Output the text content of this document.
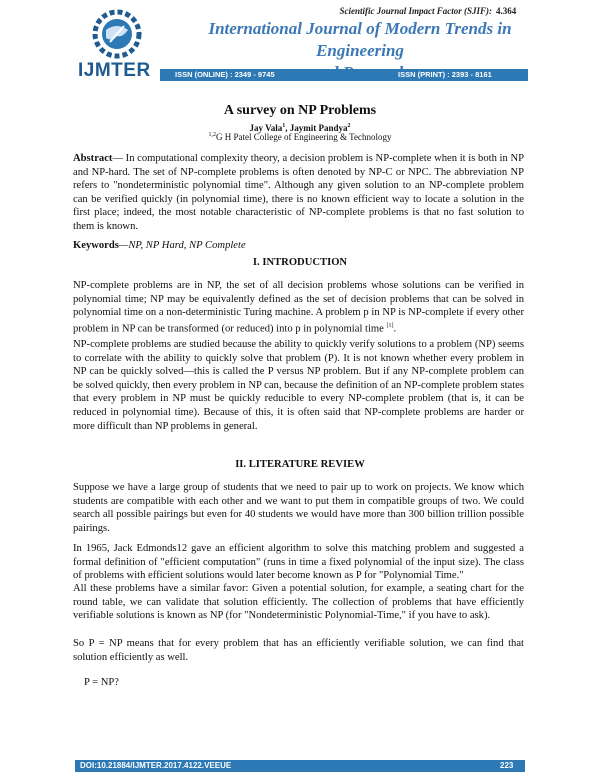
Scientific Journal Impact Factor (SJIF): 4.364
IJMTER
International Journal of Modern Trends in Engineering
ISSN (ONLINE) : 2349 - 9745	ISSN (PRINT) : 2393 - 8161
A survey on NP Problems
Jay Vala$^1$, Jaymit Pandya$^2$
$^{1,2}$G H Patel College of Engineering & Technology
Abstract— In computational complexity theory, a decision problem is NP-complete when it is both in NP and NP-hard. The set of NP-complete problems is often denoted by NP-C or NPC. The abbreviation NP refers to "nondeterministic polynomial time". Although any given solution to an NP-complete problem can be verified quickly (in polynomial time), there is no known efficient way to locate a solution in the first place; indeed, the most notable characteristic of NP-complete problems is that no fast solution to them is known.
Keywords—NP, NP Hard, NP Complete
I. INTRODUCTION
NP-complete problems are in NP, the set of all decision problems whose solutions can be verified in polynomial time; NP may be equivalently defined as the set of decision problems that can be solved in polynomial time on a non-deterministic Turing machine. A problem p in NP is NP-complete if every other problem in NP can be transformed (or reduced) into p in polynomial time [1].
NP-complete problems are studied because the ability to quickly verify solutions to a problem (NP) seems to correlate with the ability to quickly solve that problem (P). It is not known whether every problem in NP can be quickly solved—this is called the P versus NP problem. But if any NP-complete problem can be solved quickly, then every problem in NP can, because the definition of an NP-complete problem states that every problem in NP must be quickly reducible to every NP-complete problem (that is, it can be reduced in polynomial time). Because of this, it is often said that NP-complete problems are harder or more difficult than NP problems in general.
II. LITERATURE REVIEW
Suppose we have a large group of students that we need to pair up to work on projects. We know which students are compatible with each other and we want to put them in compatible groups of two. We could search all possible pairings but even for 40 students we would have more than 300 billion trillion possible pairings.
In 1965, Jack Edmonds12 gave an efficient algorithm to solve this matching problem and suggested a formal definition of "efficient computation" (runs in time a fixed polynomial of the input size). The class of problems with efficient solutions would later become known as P for "Polynomial Time."
All these problems have a similar favor: Given a potential solution, for example, a seating chart for the round table, we can validate that solution efficiently. The collection of problems that have efficiently verifiable solutions is known as NP (for "Nondeterministic Polynomial-Time," if you have to ask).
So P = NP means that for every problem that has an efficiently verifiable solution, we can find that solution efficiently as well.
P = NP?
DOI:10.21884/IJMTER.2017.4122.VEEUE	223
